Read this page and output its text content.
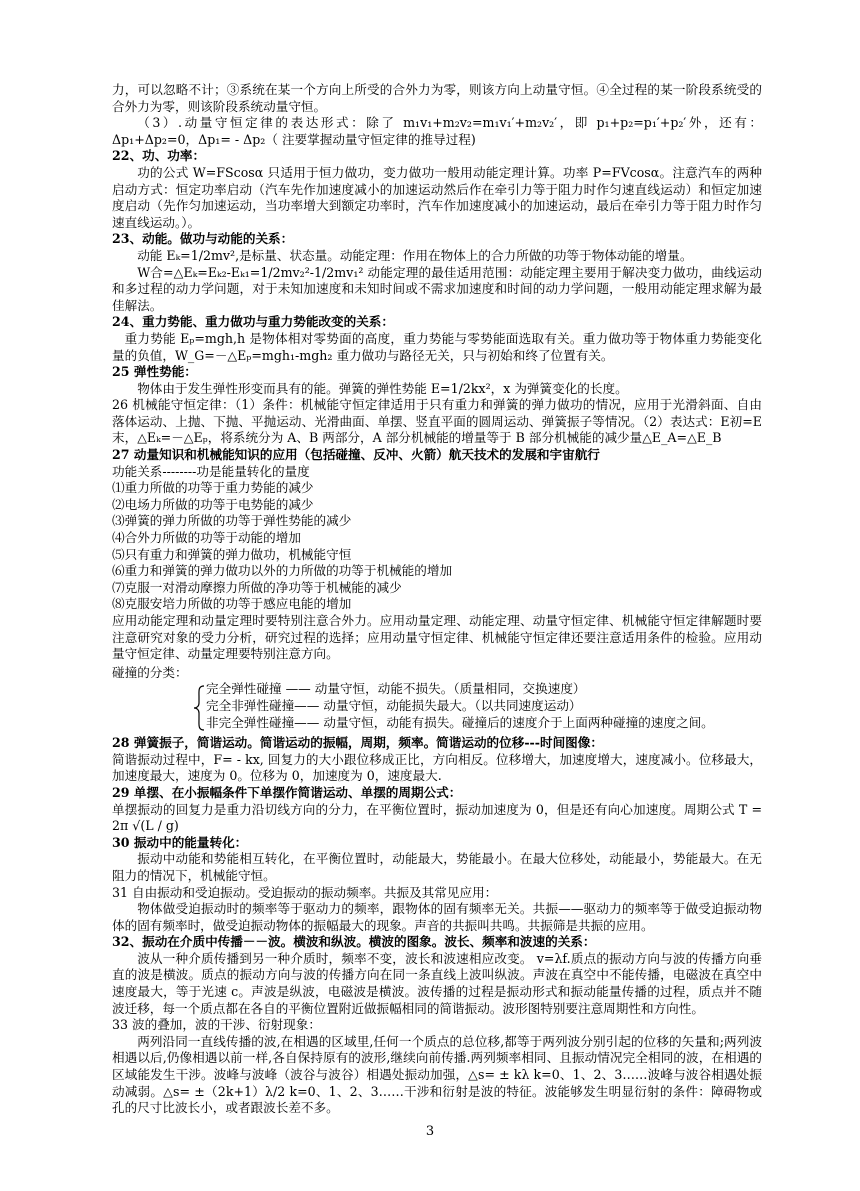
力，可以忽略不计；③系统在某一个方向上所受的合外力为零，则该方向上动量守恒。④全过程的某一阶段系统受的合外力为零，则该阶段系统动量守恒。

（3）.动量守恒定律的表达形式：除了 m₁v₁+m₂v₂=m₁v₁′+m₂v₂′，即 p₁+p₂=p₁′+p₂′外，还有：Δp₁+Δp₂=0，Δp₁= - Δp₂（ 注要掌握动量守恒定律的推导过程)

22、功、功率：

功的公式 W=FScosα 只适用于恒力做功，变力做功一般用动能定理计算。功率 P=FVcosα。注意汽车的两种启动方式：恒定功率启动（汽车先作加速度减小的加速运动然后作在牵引力等于阻力时作匀速直线运动）和恒定加速度启动（先作匀加速运动，当功率增大到额定功率时，汽车作加速度减小的加速运动，最后在牵引力等于阻力时作匀速直线运动。）。

23、动能。做功与动能的关系：

动能 Eₖ=1/2mv²,是标量、状态量。动能定理：作用在物体上的合力所做的功等于物体动能的增量。

W合=△Eₖ=Eₖ₂-Eₖ₁=1/2mv₂²-1/2mv₁² 动能定理的最佳适用范围：动能定理主要用于解决变力做功，曲线运动和多过程的动力学问题，对于未知加速度和未知时间或不需求加速度和时间的动力学问题，一般用动能定理求解为最佳解法。

24、重力势能、重力做功与重力势能改变的关系：

重力势能 Eₚ=mgh,h 是物体相对零势面的高度，重力势能与零势能面选取有关。重力做功等于物体重力势能变化量的负值，W_G=－△Eₚ=mgh₁-mgh₂ 重力做功与路径无关，只与初始和终了位置有关。

25 弹性势能：

物体由于发生弹性形变而具有的能。弹簧的弹性势能 E=1/2kx²，x 为弹簧变化的长度。

26 机械能守恒定律：（1）条件：机械能守恒定律适用于只有重力和弹簧的弹力做功的情况，应用于光滑斜面、自由落体运动、上抛、下抛、平抛运动、光滑曲面、单摆、竖直平面的圆周运动、弹簧振子等情况。（2）表达式：E初=E末，△Eₖ=－△Eₚ，将系统分为 A、B 两部分，A 部分机械能的增量等于 B 部分机械能的减少量△E_A=△E_B

27 动量知识和机械能知识的应用（包括碰撞、反冲、火箭）航天技术的发展和宇宙航行

功能关系--------功是能量转化的量度

⑴重力所做的功等于重力势能的减少

⑵电场力所做的功等于电势能的减少

⑶弹簧的弹力所做的功等于弹性势能的减少

⑷合外力所做的功等于动能的增加

⑸只有重力和弹簧的弹力做功，机械能守恒

⑹重力和弹簧的弹力做功以外的力所做的功等于机械能的增加

⑺克服一对滑动摩擦力所做的净功等于机械能的减少

⑻克服安培力所做的功等于感应电能的增加

应用动能定理和动量定理时要特别注意合外力。应用动量定理、动能定理、动量守恒定律、机械能守恒定律解题时要注意研究对象的受力分析，研究过程的选择；应用动量守恒定律、机械能守恒定律还要注意适用条件的检验。应用动量守恒定律、动量定理要特别注意方向。

碰撞的分类：

完全弹性碰撞 —— 动量守恒，动能不损失。（质量相同，交换速度）

完全非弹性碰撞—— 动量守恒，动能损失最大。（以共同速度运动）

非完全弹性碰撞—— 动量守恒，动能有损失。碰撞后的速度介于上面两种碰撞的速度之间。

28 弹簧振子，简谐运动。简谐运动的振幅，周期，频率。简谐运动的位移---时间图像：

简谐振动过程中，F= - kx, 回复力的大小跟位移成正比，方向相反。位移增大，加速度增大，速度减小。位移最大，加速度最大，速度为 0。位移为 0，加速度为 0，速度最大.

29 单摆、在小振幅条件下单摆作简谐运动、单摆的周期公式：

单摆振动的回复力是重力沿切线方向的分力，在平衡位置时，振动加速度为 0，但是还有向心加速度。周期公式 T = 2π √(L / g)

30 振动中的能量转化：

振动中动能和势能相互转化，在平衡位置时，动能最大，势能最小。在最大位移处，动能最小，势能最大。在无阻力的情况下，机械能守恒。

31 自由振动和受迫振动。受迫振动的振动频率。共振及其常见应用：

物体做受迫振动时的频率等于驱动力的频率，跟物体的固有频率无关。共振——驱动力的频率等于做受迫振动物体的固有频率时，做受迫振动物体的振幅最大的现象。声音的共振叫共鸣。共振筛是共振的应用。

32、振动在介质中传播－－波。横波和纵波。横波的图象。波长、频率和波速的关系：

波从一种介质传播到另一种介质时，频率不变，波长和波速相应改变。 v=λf.质点的振动方向与波的传播方向垂直的波是横波。质点的振动方向与波的传播方向在同一条直线上波叫纵波。声波在真空中不能传播，电磁波在真空中速度最大，等于光速 c。声波是纵波，电磁波是横波。波传播的过程是振动形式和振动能量传播的过程，质点并不随波迁移，每一个质点都在各自的平衡位置附近做振幅相同的简谐振动。波形图特别要注意周期性和方向性。

33 波的叠加，波的干涉、衍射现象：

两列沿同一直线传播的波,在相遇的区域里,任何一个质点的总位移,都等于两列波分别引起的位移的矢量和;两列波相遇以后,仍像相遇以前一样,各自保持原有的波形,继续向前传播.两列频率相同、且振动情况完全相同的波，在相遇的区域能发生干涉。波峰与波峰（波谷与波谷）相遇处振动加强，△s= ± kλ k=0、1、2、3……波峰与波谷相遇处振动减弱。△s= ±（2k+1）λ/2 k=0、1、2、3……干涉和衍射是波的特征。波能够发生明显衍射的条件：障碍物或孔的尺寸比波长小，或者跟波长差不多。

3
